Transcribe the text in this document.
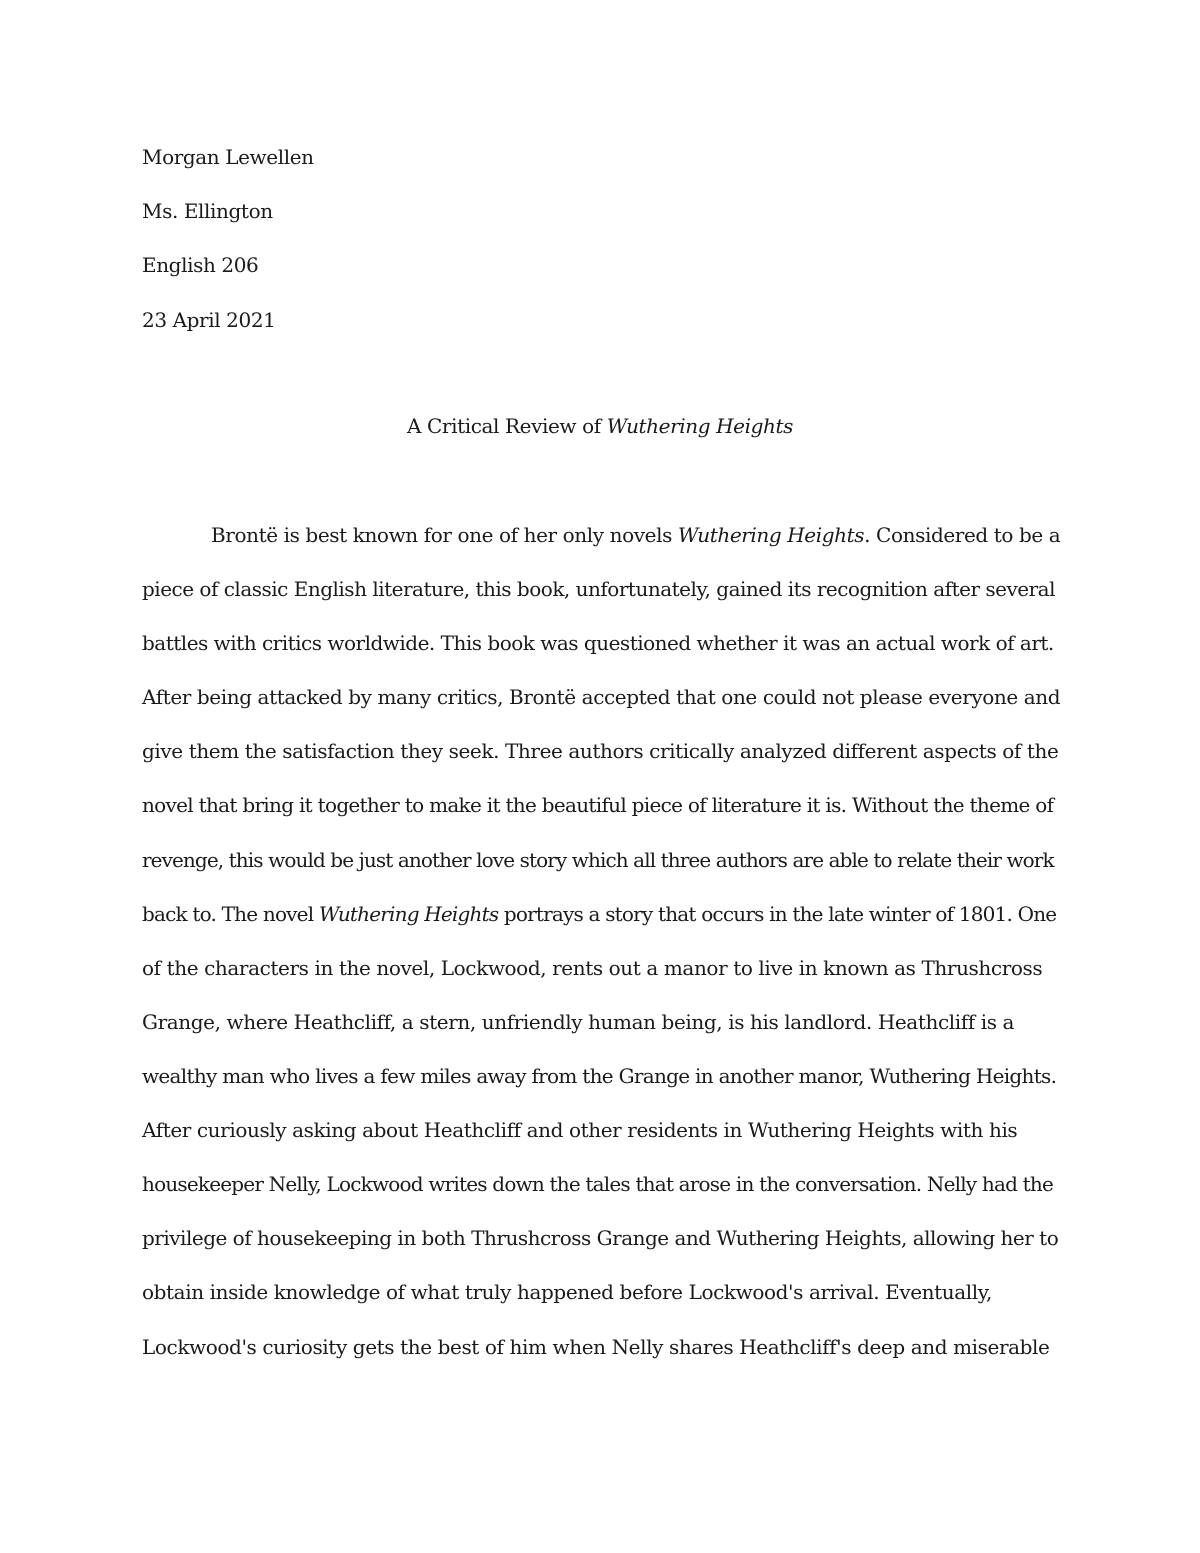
Morgan Lewellen
Ms. Ellington
English 206
23 April 2021
A Critical Review of Wuthering Heights
Brontë is best known for one of her only novels Wuthering Heights. Considered to be a
piece of classic English literature, this book, unfortunately, gained its recognition after several
battles with critics worldwide. This book was questioned whether it was an actual work of art.
After being attacked by many critics, Brontë accepted that one could not please everyone and
give them the satisfaction they seek. Three authors critically analyzed different aspects of the
novel that bring it together to make it the beautiful piece of literature it is. Without the theme of
revenge, this would be just another love story which all three authors are able to relate their work
back to. The novel Wuthering Heights portrays a story that occurs in the late winter of 1801. One
of the characters in the novel, Lockwood, rents out a manor to live in known as Thrushcross
Grange, where Heathcliff, a stern, unfriendly human being, is his landlord. Heathcliff is a
wealthy man who lives a few miles away from the Grange in another manor, Wuthering Heights.
After curiously asking about Heathcliff and other residents in Wuthering Heights with his
housekeeper Nelly, Lockwood writes down the tales that arose in the conversation. Nelly had the
privilege of housekeeping in both Thrushcross Grange and Wuthering Heights, allowing her to
obtain inside knowledge of what truly happened before Lockwood's arrival. Eventually,
Lockwood's curiosity gets the best of him when Nelly shares Heathcliff's deep and miserable
